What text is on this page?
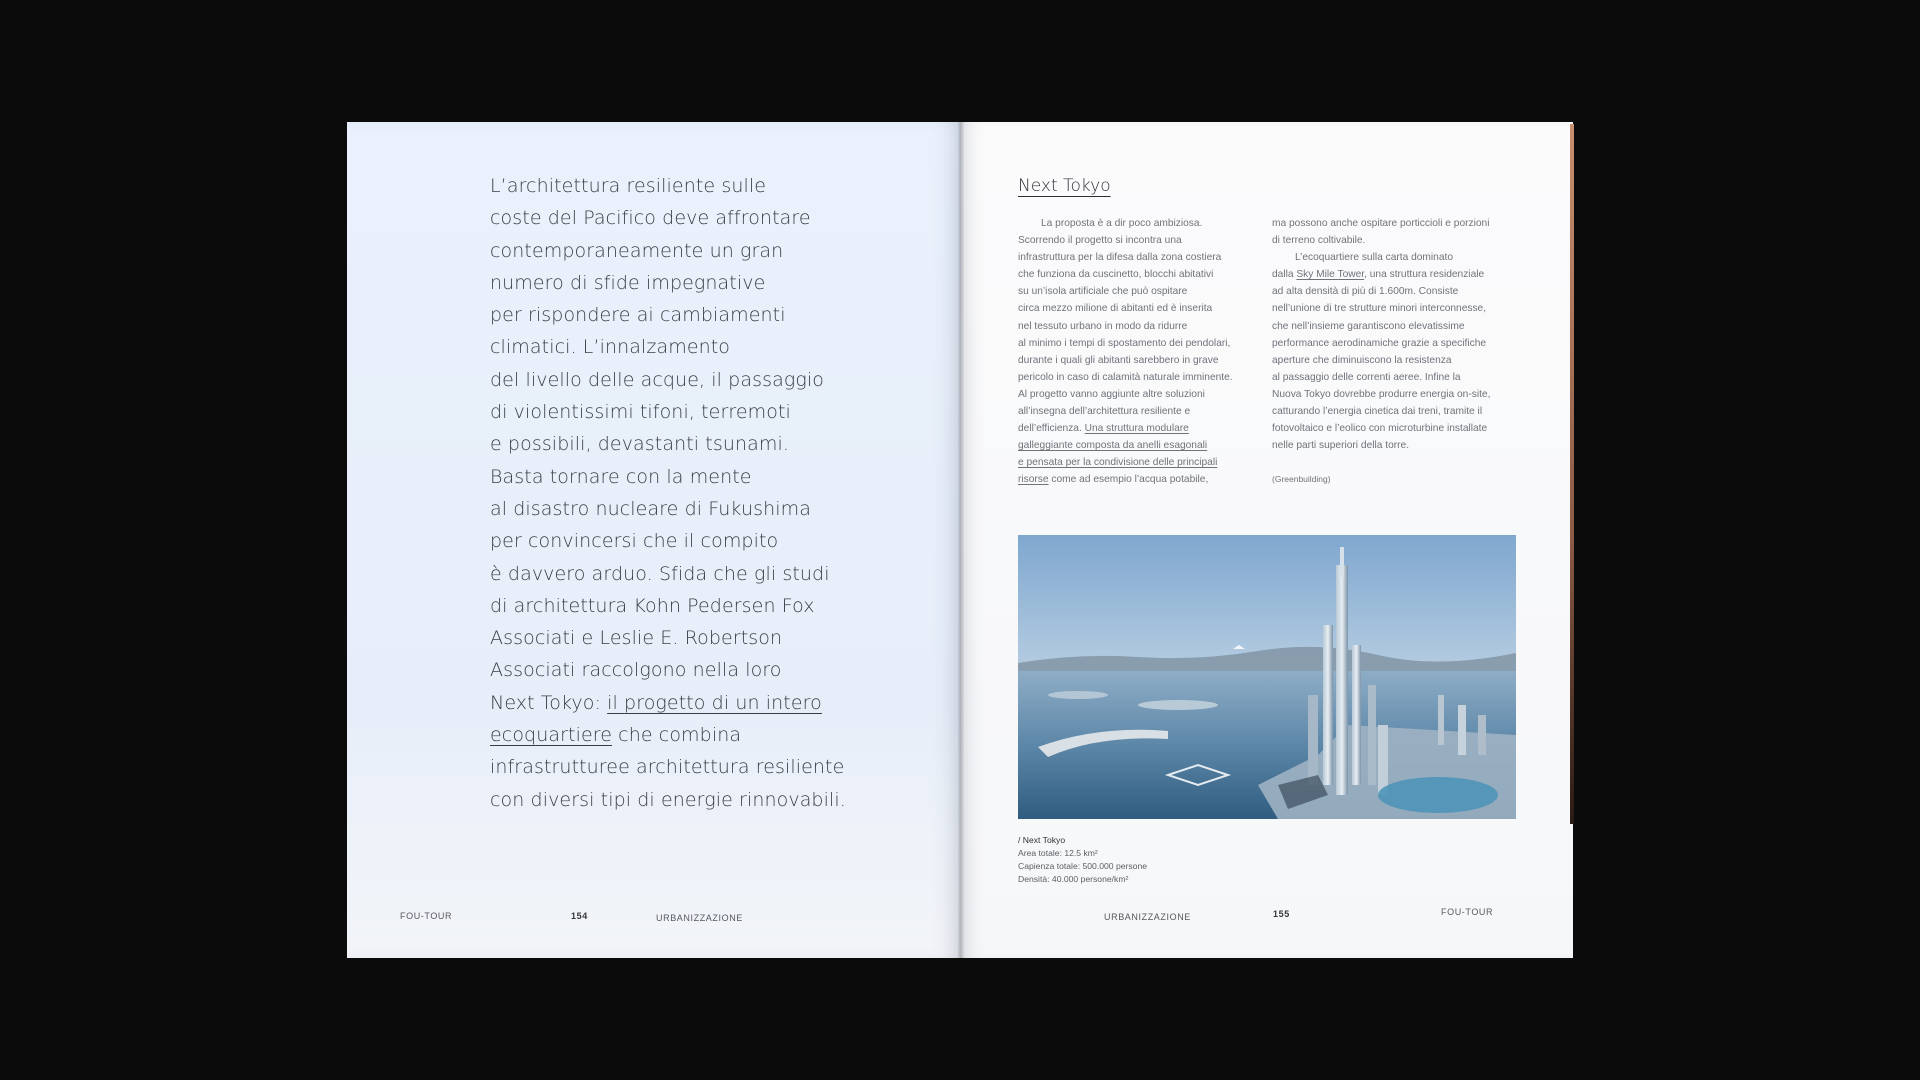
L’architettura resiliente sulle
coste del Pacifico deve affrontare
contemporaneamente un gran
numero di sfide impegnative
per rispondere ai cambiamenti
climatici. L’innalzamento
del livello delle acque, il passaggio
di violentissimi tifoni, terremoti
e possibili, devastanti tsunami.
Basta tornare con la mente
al disastro nucleare di Fukushima
per convincersi che il compito
è davvero arduo. Sfida che gli studi
di architettura Kohn Pedersen Fox
Associati e Leslie E. Robertson
Associati raccolgono nella loro
Next Tokyo: il progetto di un intero
ecoquartiere che combina
infrastrutturee architettura resiliente
con diversi tipi di energie rinnovabili.
FOU-TOUR	154	URBANIZZAZIONE
Next Tokyo
La proposta è a dir poco ambiziosa.
Scorrendo il progetto si incontra una
infrastruttura per la difesa dalla zona costiera
che funziona da cuscinetto, blocchi abitativi
su un’isola artificiale che può ospitare
circa mezzo milione di abitanti ed è inserita
nel tessuto urbano in modo da ridurre
al minimo i tempi di spostamento dei pendolari,
durante i quali gli abitanti sarebbero in grave
pericolo in caso di calamità naturale imminente.
Al progetto vanno aggiunte altre soluzioni
all’insegna dell’architettura resiliente e
dell’efficienza. Una struttura modulare
galleggiante composta da anelli esagonali
e pensata per la condivisione delle principali
risorse come ad esempio l’acqua potabile,
ma possono anche ospitare porticcioli e porzioni
di terreno coltivabile.
L’ecoquartiere sulla carta dominato
dalla Sky Mile Tower, una struttura residenziale
ad alta densità di più di 1.600m. Consiste
nell’unione di tre strutture minori interconnesse,
che nell’insieme garantiscono elevatissime
performance aerodinamiche grazie a specifiche
aperture che diminuiscono la resistenza
al passaggio delle correnti aeree. Infine la
Nuova Tokyo dovrebbe produrre energia on-site,
catturando l’energia cinetica dai treni, tramite il
fotovoltaico e l’eolico con microturbine installate
nelle parti superiori della torre.
(Greenbuilding)
/ Next Tokyo
Area totale: 12.5 km²
Capienza totale: 500.000 persone
Densità: 40.000 persone/km²
URBANIZZAZIONE	155	FOU-TOUR
